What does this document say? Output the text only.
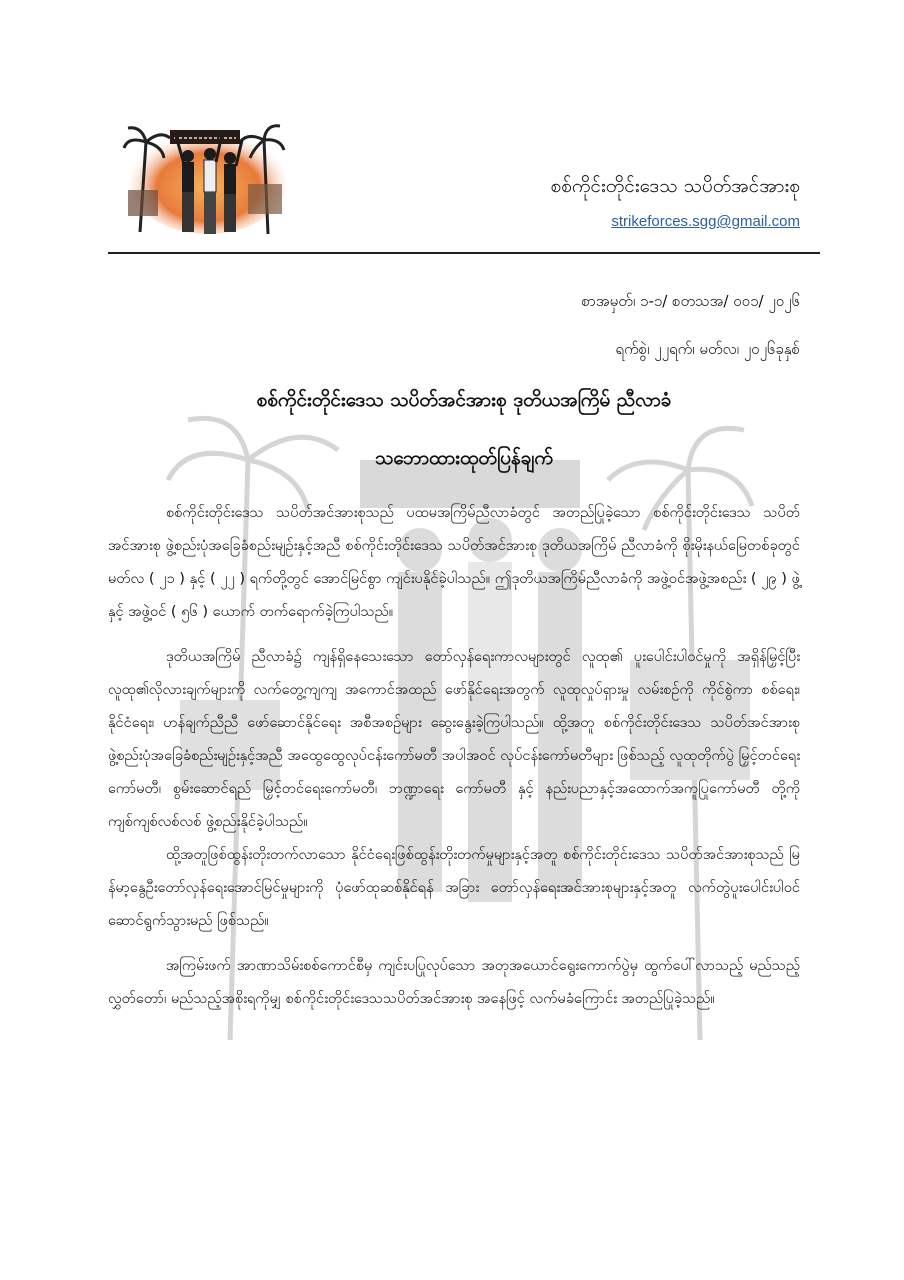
စစ်ကိုင်းတိုင်းဒေသ သပိတ်အင်အားစု
strikeforces.sgg@gmail.com
စာအမှတ်၊ ၁-၁/ စတသအ/ ၀၀၁/ ၂၀၂၆
ရက်စွဲ၊ ၂၂ရက်၊ မတ်လ၊ ၂၀၂၆ခုနှစ်
စစ်ကိုင်းတိုင်းဒေသ သပိတ်အင်အားစု ဒုတိယအကြိမ် ညီလာခံ
သဘောထားထုတ်ပြန်ချက်

စစ်ကိုင်းတိုင်းဒေသ သပိတ်အင်အားစုသည် ပထမအကြိမ်ညီလာခံတွင် အတည်ပြုခဲ့သော စစ်ကိုင်းတိုင်းဒေသ သပိတ်အင်အားစု ဖွဲ့စည်းပုံအခြေခံစည်းမျဉ်းနှင့်အညီ စစ်ကိုင်းတိုင်းဒေသ သပိတ်အင်အားစု ဒုတိယအကြိမ် ညီလာခံကို စိုးမိုးနယ်မြေတစ်ခုတွင် မတ်လ ( ၂၁ ) နှင့် ( ၂၂ ) ရက်တို့တွင် အောင်မြင်စွာ ကျင်းပနိုင်ခဲ့ပါသည်။ ဤဒုတိယအကြိမ်ညီလာခံကို အဖွဲ့ဝင်အဖွဲ့အစည်း ( ၂၉ ) ဖွဲ့နှင့် အဖွဲ့ဝင် ( ၅၆ ) ယောက် တက်ရောက်ခဲ့ကြပါသည်။

ဒုတိယအကြိမ် ညီလာခံ၌ ကျန်ရှိနေသေးသော တော်လှန်ရေးကာလများတွင် လူထု၏ ပူးပေါင်းပါဝင်မှုကို အရှိန်မြှင့်ပြီး လူထု၏လိုလားချက်များကို လက်တွေ့ကျကျ အကောင်အထည် ဖော်နိုင်ရေးအတွက် လူထုလှုပ်ရှားမှု လမ်းစဉ်ကို ကိုင်စွဲကာ စစ်ရေး၊ နိုင်ငံရေး၊ ဟန်ချက်ညီညီ ဖော်ဆောင်နိုင်ရေး အစီအစဉ်များ ဆွေးနွေးခဲ့ကြပါသည်။ ထို့အတူ စစ်ကိုင်းတိုင်းဒေသ သပိတ်အင်အားစု ဖွဲ့စည်းပုံအခြေခံစည်းမျဉ်းနှင့်အညီ အထွေထွေလုပ်ငန်းကော်မတီ အပါအဝင် လုပ်ငန်းကော်မတီများ ဖြစ်သည့် လူထုတိုက်ပွဲ မြှင့်တင်ရေးကော်မတီ၊ စွမ်းဆောင်ရည် မြှင့်တင်ရေးကော်မတီ၊ ဘဏ္ဍာရေး ကော်မတီ နှင့် နည်းပညာနှင့်အထောက်အကူပြုကော်မတီ တို့ကို ကျစ်ကျစ်လစ်လစ် ဖွဲ့စည်းနိုင်ခဲ့ပါသည်။

ထို့အတူဖြစ်ထွန်းတိုးတက်လာသော နိုင်ငံရေးဖြစ်ထွန်းတိုးတက်မှုများနှင့်အတူ စစ်ကိုင်းတိုင်းဒေသ သပိတ်အင်အားစုသည် မြန်မာ့နွေဦးတော်လှန်ရေးအောင်မြင်မှုများကို ပုံဖော်ထုဆစ်နိုင်ရန် အခြား တော်လှန်ရေးအင်အားစုများနှင့်အတူ လက်တွဲပူးပေါင်းပါဝင်ဆောင်ရွက်သွားမည် ဖြစ်သည်။

အကြမ်းဖက် အာဏာသိမ်းစစ်ကောင်စီမှ ကျင်းပပြုလုပ်သော အတုအယောင်ရွေးကောက်ပွဲမှ ထွက်ပေါ်လာသည့် မည်သည့်လွှတ်တော်၊ မည်သည့်အစိုးရကိုမျှ စစ်ကိုင်းတိုင်းဒေသသပိတ်အင်အားစု အနေဖြင့် လက်မခံကြောင်း အတည်ပြုခဲ့သည်။
